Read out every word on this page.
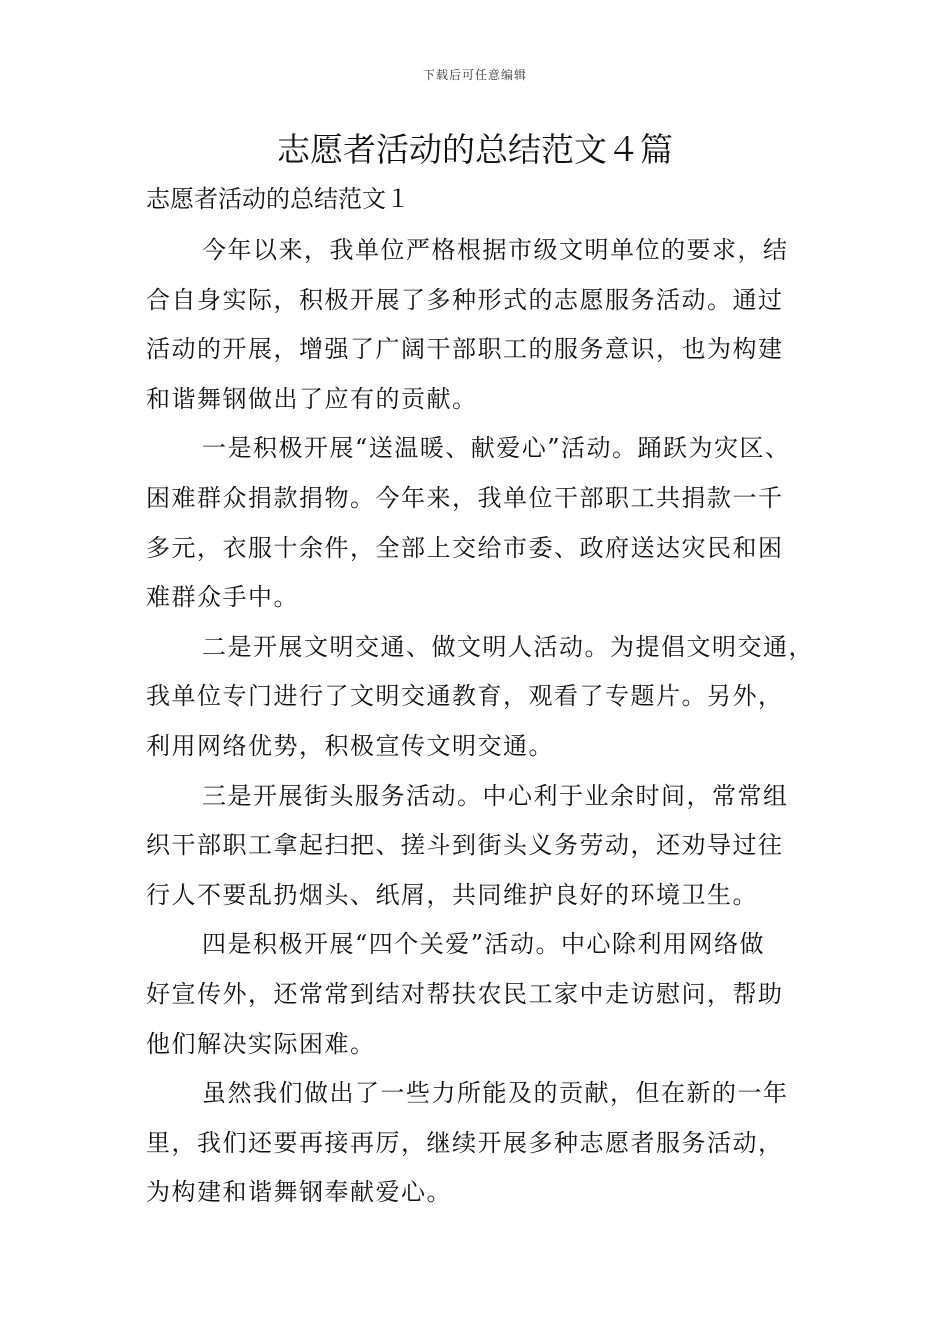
下载后可任意编辑
志愿者活动的总结范文４篇
志愿者活动的总结范文１

今年以来，我单位严格根据市级文明单位的要求，结
合自身实际，积极开展了多种形式的志愿服务活动。通过
活动的开展，增强了广阔干部职工的服务意识，也为构建
和谐舞钢做出了应有的贡献。

一是积极开展“送温暖、献爱心”活动。踊跃为灾区、
困难群众捐款捐物。今年来，我单位干部职工共捐款一千
多元，衣服十余件，全部上交给市委、政府送达灾民和困
难群众手中。

二是开展文明交通、做文明人活动。为提倡文明交通，
我单位专门进行了文明交通教育，观看了专题片。另外，
利用网络优势，积极宣传文明交通。

三是开展街头服务活动。中心利于业余时间，常常组
织干部职工拿起扫把、搓斗到街头义务劳动，还劝导过往
行人不要乱扔烟头、纸屑，共同维护良好的环境卫生。

四是积极开展“四个关爱”活动。中心除利用网络做
好宣传外，还常常到结对帮扶农民工家中走访慰问，帮助
他们解决实际困难。

虽然我们做出了一些力所能及的贡献，但在新的一年
里，我们还要再接再厉，继续开展多种志愿者服务活动，
为构建和谐舞钢奉献爱心。
